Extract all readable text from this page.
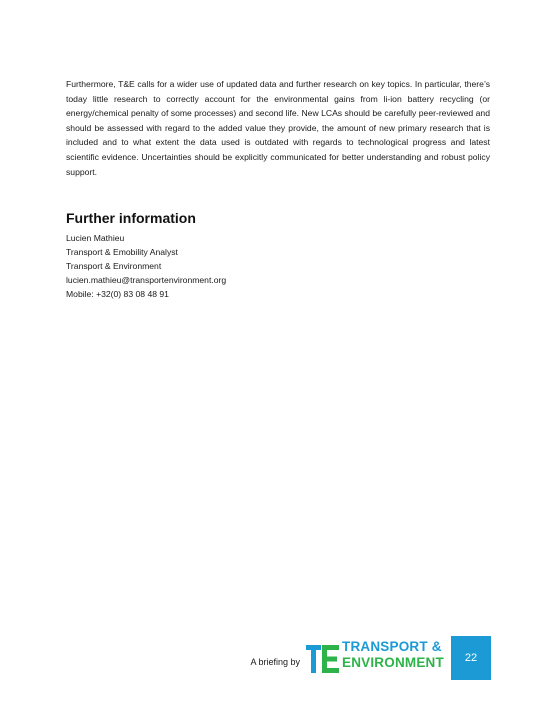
Furthermore, T&E calls for a wider use of updated data and further research on key topics. In particular, there’s today little research to correctly account for the environmental gains from li-ion battery recycling (or energy/chemical penalty of some processes) and second life. New LCAs should be carefully peer-reviewed and should be assessed with regard to the added value they provide, the amount of new primary research that is included and to what extent the data used is outdated with regards to technological progress and latest scientific evidence. Uncertainties should be explicitly communicated for better understanding and robust policy support.

Further information

Lucien Mathieu

Transport & Emobility Analyst

Transport & Environment

lucien.mathieu@transportenvironment.org

Mobile: +32(0) 83 08 48 91

A briefing by
TRANSPORT &
ENVIRONMENT 22
